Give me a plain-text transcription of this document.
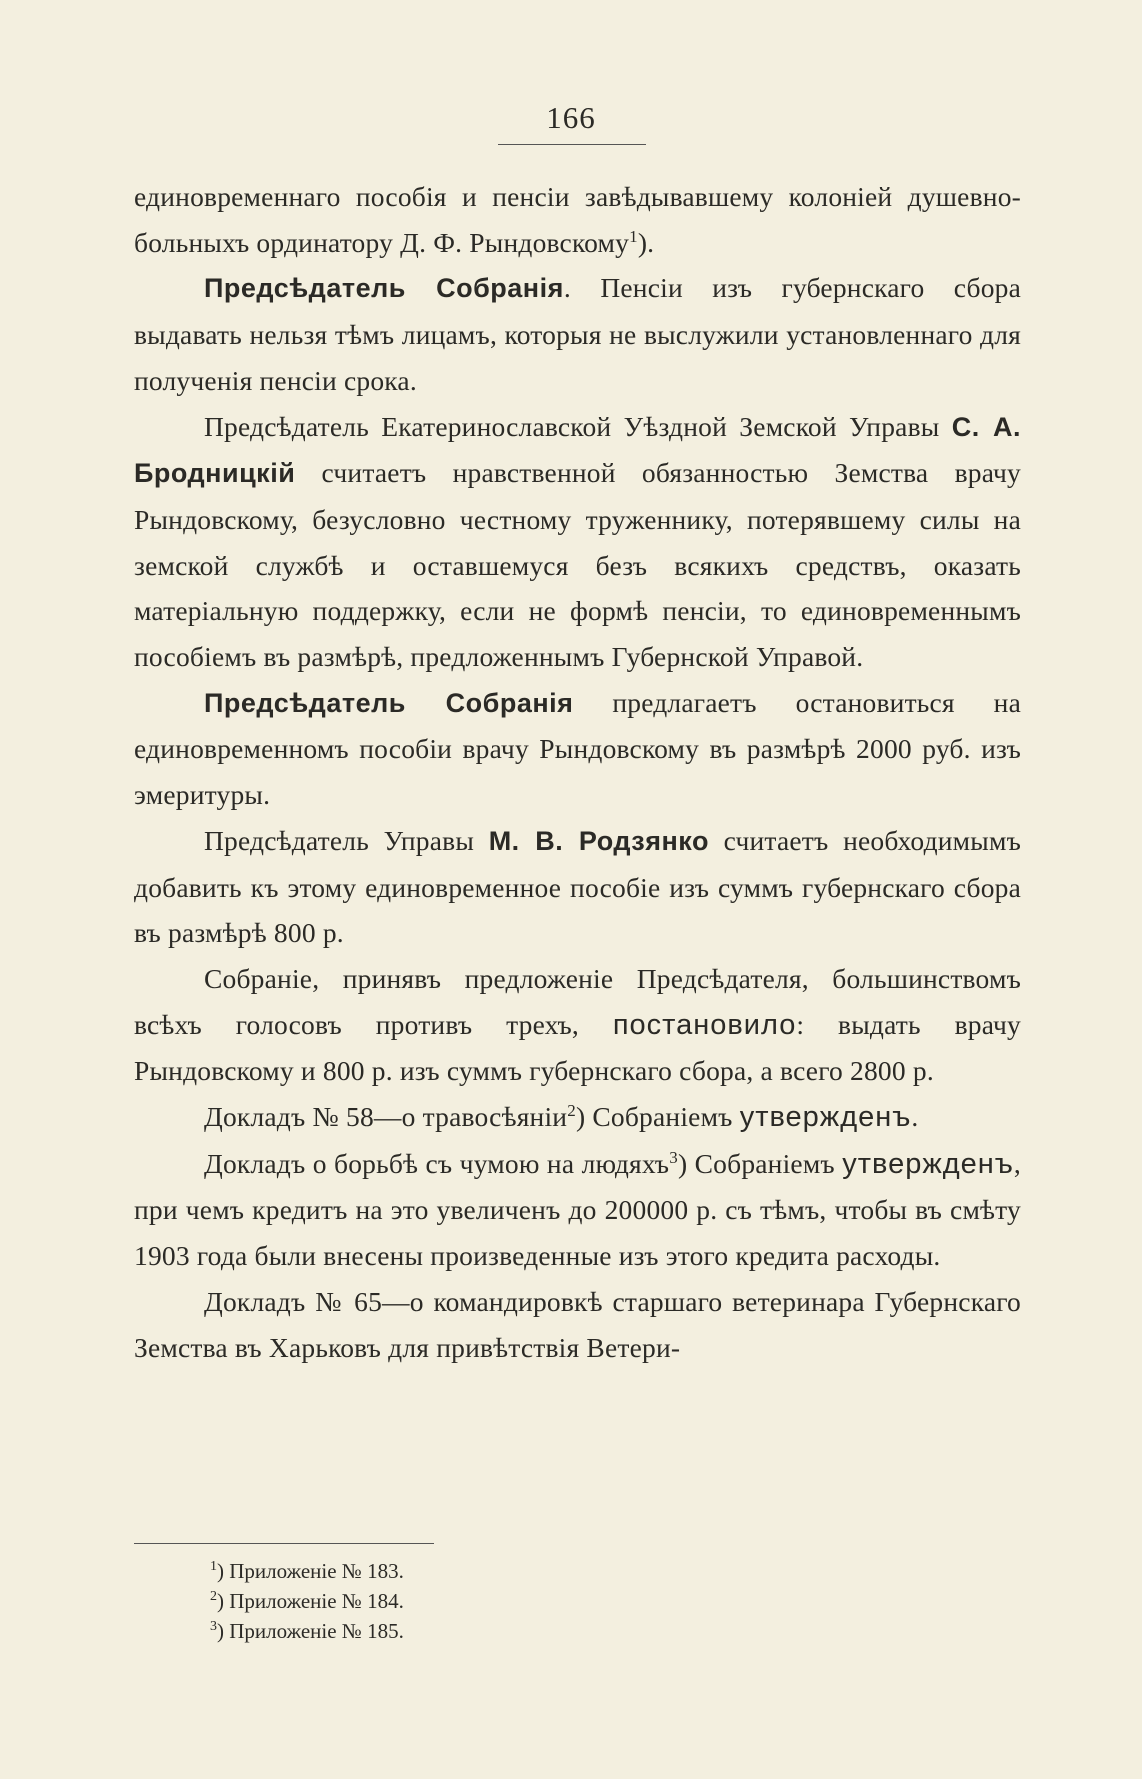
166

единовременнаго пособія и пенсіи завѣдывавшему колоніей душевно-больныхъ ординатору Д. Ф. Рындовскому$^1$).

Предсѣдатель Собранія. Пенсіи изъ губернскаго сбора выдавать нельзя тѣмъ лицамъ, которыя не выслужили установленнаго для полученія пенсіи срока.

Предсѣдатель Екатеринославской Уѣздной Земской Управы С. А. Бродницкій считаетъ нравственной обязанностью Земства врачу Рындовскому, безусловно честному труженнику, потерявшему силы на земской службѣ и оставшемуся безъ всякихъ средствъ, оказать матеріальную поддержку, если не формѣ пенсіи, то единовременнымъ пособіемъ въ размѣрѣ, предложеннымъ Губернской Управой.

Предсѣдатель Собранія предлагаетъ остановиться на единовременномъ пособіи врачу Рындовскому въ размѣрѣ 2000 руб. изъ эмеритуры.

Предсѣдатель Управы М. В. Родзянко считаетъ необходимымъ добавить къ этому единовременное пособіе изъ суммъ губернскаго сбора въ размѣрѣ 800 р.

Собраніе, принявъ предложеніе Предсѣдателя, большинствомъ всѣхъ голосовъ противъ трехъ, постановило: выдать врачу Рындовскому и 800 р. изъ суммъ губернскаго сбора, а всего 2800 р.

Докладъ № 58—о травосѣяніи$^2$) Собраніемъ утвержденъ.

Докладъ о борьбѣ съ чумою на людяхъ$^3$) Собраніемъ утвержденъ, при чемъ кредитъ на это увеличенъ до 200000 р. съ тѣмъ, чтобы въ смѣту 1903 года были внесены произведенные изъ этого кредита расходы.

Докладъ № 65—о командировкѣ старшаго ветеринара Губернскаго Земства въ Харьковъ для привѣтствія Ветери-

$^1$) Приложеніе № 183.
$^2$) Приложеніе № 184.
$^3$) Приложеніе № 185.
